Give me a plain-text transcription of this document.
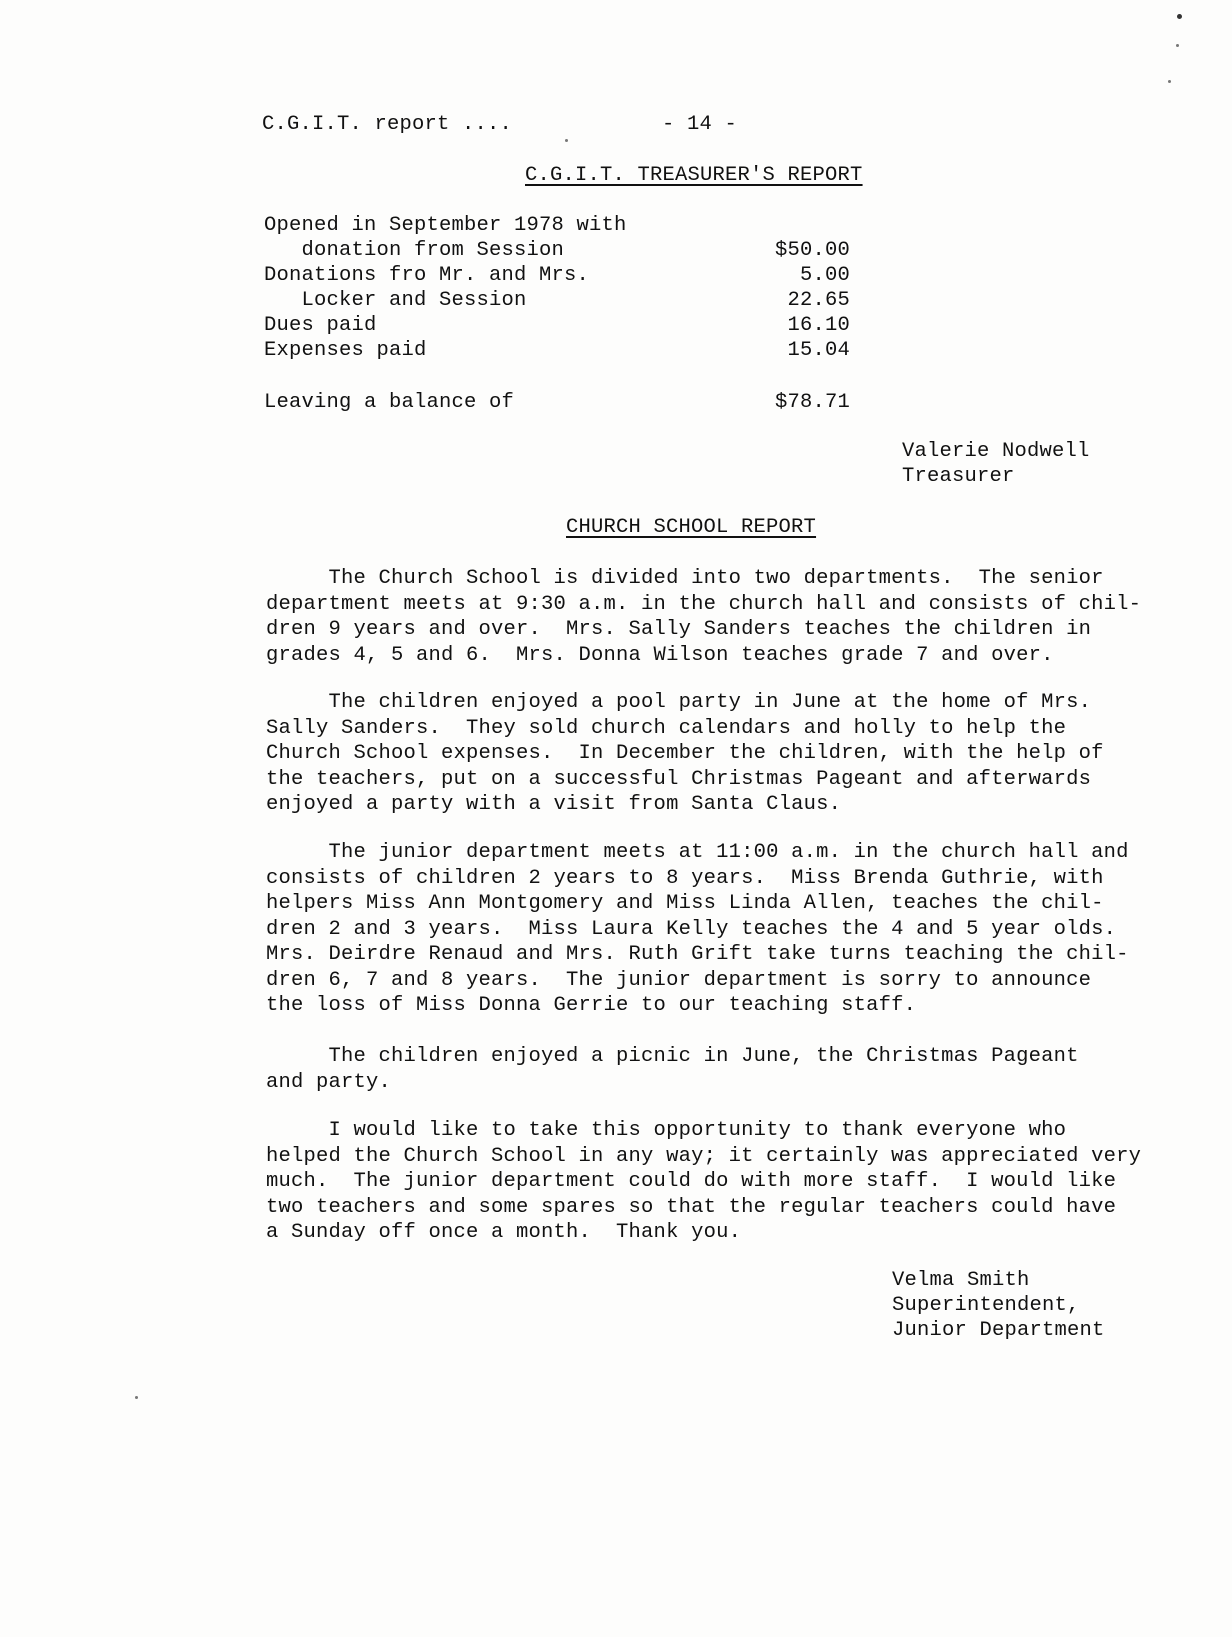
C.G.I.T. report ....	- 14 -
C.G.I.T. TREASURER'S REPORT
Opened in September 1978 with
donation from Session	$50.00
Donations fro Mr. and Mrs.	5.00
Locker and Session	22.65
Dues paid	16.10
Expenses paid	15.04
Leaving a balance of	$78.71
Valerie Nodwell
Treasurer
CHURCH SCHOOL REPORT
The Church School is divided into two departments.  The senior
department meets at 9:30 a.m. in the church hall and consists of chil-
dren 9 years and over.  Mrs. Sally Sanders teaches the children in
grades 4, 5 and 6.  Mrs. Donna Wilson teaches grade 7 and over.
The children enjoyed a pool party in June at the home of Mrs.
Sally Sanders.  They sold church calendars and holly to help the
Church School expenses.  In December the children, with the help of
the teachers, put on a successful Christmas Pageant and afterwards
enjoyed a party with a visit from Santa Claus.
The junior department meets at 11:00 a.m. in the church hall and
consists of children 2 years to 8 years.  Miss Brenda Guthrie, with
helpers Miss Ann Montgomery and Miss Linda Allen, teaches the chil-
dren 2 and 3 years.  Miss Laura Kelly teaches the 4 and 5 year olds.
Mrs. Deirdre Renaud and Mrs. Ruth Grift take turns teaching the chil-
dren 6, 7 and 8 years.  The junior department is sorry to announce
the loss of Miss Donna Gerrie to our teaching staff.
The children enjoyed a picnic in June, the Christmas Pageant
and party.
I would like to take this opportunity to thank everyone who
helped the Church School in any way; it certainly was appreciated very
much.  The junior department could do with more staff.  I would like
two teachers and some spares so that the regular teachers could have
a Sunday off once a month.  Thank you.
Velma Smith
Superintendent,
Junior Department
